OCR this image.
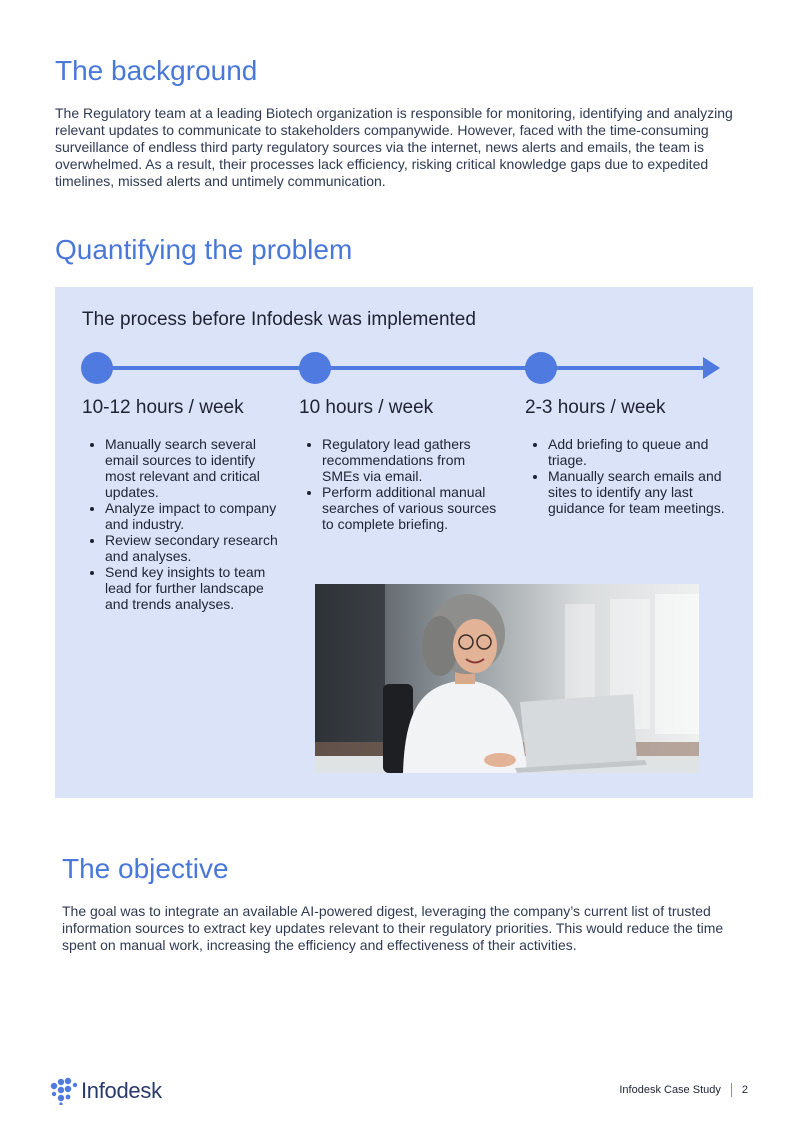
The background

The Regulatory team at a leading Biotech organization is responsible for monitoring, identifying and analyzing relevant updates to communicate to stakeholders companywide. However, faced with the time-consuming surveillance of endless third party regulatory sources via the internet, news alerts and emails, the team is overwhelmed. As a result, their processes lack efficiency, risking critical knowledge gaps due to expedited timelines, missed alerts and untimely communication.

Quantifying the problem
The process before Infodesk was implemented
10-12 hours / week
• Manually search several email sources to identify most relevant and critical updates.
• Analyze impact to company and industry.
• Review secondary research and analyses.
• Send key insights to team lead for further landscape and trends analyses.
10 hours / week
• Regulatory lead gathers recommendations from SMEs via email.
• Perform additional manual searches of various sources to complete briefing.
2-3 hours / week
• Add briefing to queue and triage.
• Manually search emails and sites to identify any last guidance for team meetings.
The objective

The goal was to integrate an available AI-powered digest, leveraging the company’s current list of trusted information sources to extract key updates relevant to their regulatory priorities. This would reduce the time spent on manual work, increasing the efficiency and effectiveness of their activities.

Infodesk	Infodesk Case Study 2
